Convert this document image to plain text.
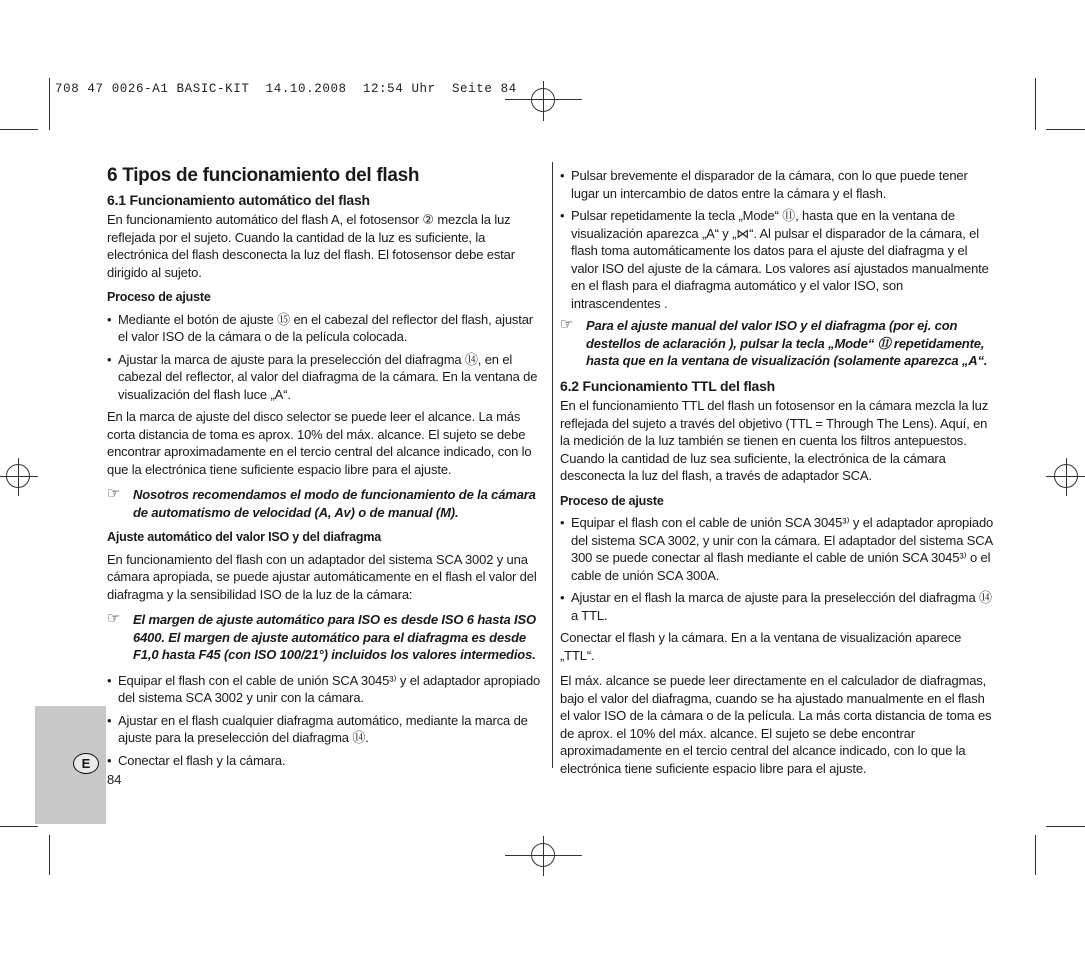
708 47 0026-A1 BASIC-KIT  14.10.2008  12:54 Uhr  Seite 84
E
84
6 Tipos de funcionamiento del flash
6.1 Funcionamiento automático del flash

En funcionamiento automático del flash A, el fotosensor ② mezcla la luz reflejada por el sujeto. Cuando la cantidad de la luz es suficiente, la electrónica del flash desconecta la luz del flash. El fotosensor debe estar dirigido al sujeto.

Proceso de ajuste
• Mediante el botón de ajuste ⑮ en el cabezal del reflector del flash, ajustar el valor ISO de la cámara o de la película colocada.

• Ajustar la marca de ajuste para la preselección del diafragma ⑭, en el cabezal del reflector, al valor del diafragma de la cámara. En la ventana de visualización del flash luce „A“.

En la marca de ajuste del disco selector se puede leer el alcance. La más corta distancia de toma es aprox. 10% del máx. alcance. El sujeto se debe encontrar aproximadamente en el tercio central del alcance indicado, con lo que la electrónica tiene suficiente espacio libre para el ajuste.

☞ Nosotros recomendamos el modo de funcionamiento de la cámara de automatismo de velocidad (A, Av) o de manual (M).

Ajuste automático del valor ISO y del diafragma

En funcionamiento del flash con un adaptador del sistema SCA 3002 y una cámara apropiada, se puede ajustar automáticamente en el flash el valor del diafragma y la sensibilidad ISO de la luz de la cámara:

☞ El margen de ajuste automático para ISO es desde ISO 6 hasta ISO 6400. El margen de ajuste automático para el diafragma es desde F1,0 hasta F45 (con ISO 100/21°) incluidos los valores intermedios.

• Equipar el flash con el cable de unión SCA 3045³⁾ y el adaptador apropiado del sistema SCA 3002 y unir con la cámara.

• Ajustar en el flash cualquier diafragma automático, mediante la marca de ajuste para la preselección del diafragma ⑭.

• Conectar el flash y la cámara.

• Pulsar brevemente el disparador de la cámara, con lo que puede tener lugar un intercambio de datos entre la cámara y el flash.

• Pulsar repetidamente la tecla „Mode“ ⑪, hasta que en la ventana de visualización aparezca „A“ y „⋈“. Al pulsar el disparador de la cámara, el flash toma automáticamente los datos para el ajuste del diafragma y el valor ISO del ajuste de la cámara. Los valores así ajustados manualmente en el flash para el diafragma automático y el valor ISO, son intrascendentes .

☞ Para el ajuste manual del valor ISO y el diafragma (por ej. con destellos de aclaración ), pulsar la tecla „Mode“ ⑪ repetidamente, hasta que en la ventana de visualización (solamente aparezca „A“.

6.2 Funcionamiento TTL del flash

En el funcionamiento TTL del flash un fotosensor en la cámara mezcla la luz reflejada del sujeto a través del objetivo (TTL = Through The Lens). Aquí, en la medición de la luz también se tienen en cuenta los filtros antepuestos. Cuando la cantidad de luz sea suficiente, la electrónica de la cámara desconecta la luz del flash, a través de adaptador SCA.

Proceso de ajuste
• Equipar el flash con el cable de unión SCA 3045³⁾ y el adaptador apropiado del sistema SCA 3002, y unir con la cámara. El adaptador del sistema SCA 300 se puede conectar al flash mediante el cable de unión SCA 3045³⁾ o el cable de unión SCA 300A.

• Ajustar en el flash la marca de ajuste para la preselección del diafragma ⑭ a TTL.

Conectar el flash y la cámara. En a la ventana de visualización aparece „TTL“.

El máx. alcance se puede leer directamente en el calculador de diafragmas, bajo el valor del diafragma, cuando se ha ajustado manualmente en el flash el valor ISO de la cámara o de la película. La más corta distancia de toma es de aprox. el 10% del máx. alcance. El sujeto se debe encontrar aproximadamente en el tercio central del alcance indicado, con lo que la electrónica tiene suficiente espacio libre para el ajuste.
